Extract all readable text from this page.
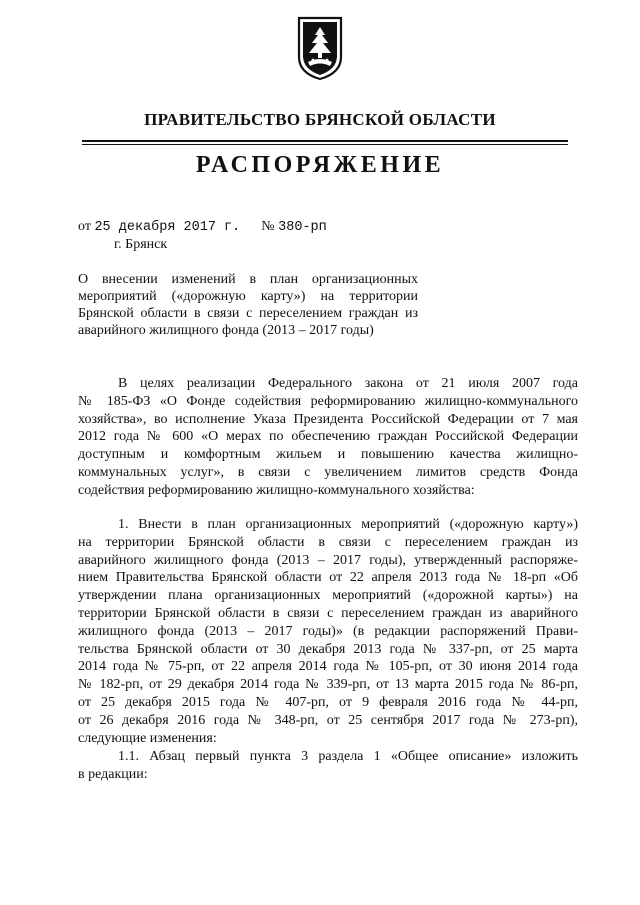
ПРАВИТЕЛЬСТВО БРЯНСКОЙ ОБЛАСТИ
РАСПОРЯЖЕНИЕ
от 25 декабря 2017 г. № 380-рп
г. Брянск
О внесении изменений в план организационных
мероприятий («дорожную карту») на территории
Брянской области в связи с переселением граждан из
аварийного жилищного фонда (2013 – 2017 годы)
В целях реализации Федерального закона от 21 июля 2007 года
№ 185-ФЗ «О Фонде содействия реформированию жилищно-коммунального
хозяйства», во исполнение Указа Президента Российской Федерации от 7 мая
2012 года № 600 «О мерах по обеспечению граждан Российской Федерации
доступным и комфортным жильем и повышению качества жилищно-
коммунальных услуг», в связи с увеличением лимитов средств Фонда
содействия реформированию жилищно-коммунального хозяйства:
1. Внести в план организационных мероприятий («дорожную карту»)
на территории Брянской области в связи с переселением граждан из
аварийного жилищного фонда (2013 – 2017 годы), утвержденный распоряже-
нием Правительства Брянской области от 22 апреля 2013 года № 18-рп «Об
утверждении плана организационных мероприятий («дорожной карты») на
территории Брянской области в связи с переселением граждан из аварийного
жилищного фонда (2013 – 2017 годы)» (в редакции распоряжений Прави-
тельства Брянской области от 30 декабря 2013 года № 337-рп, от 25 марта
2014 года № 75-рп, от 22 апреля 2014 года № 105-рп, от 30 июня 2014 года
№ 182-рп, от 29 декабря 2014 года № 339-рп, от 13 марта 2015 года № 86-рп,
от 25 декабря 2015 года № 407-рп, от 9 февраля 2016 года № 44-рп,
от 26 декабря 2016 года № 348-рп, от 25 сентября 2017 года № 273-рп),
следующие изменения:
1.1. Абзац первый пункта 3 раздела 1 «Общее описание» изложить
в редакции:
